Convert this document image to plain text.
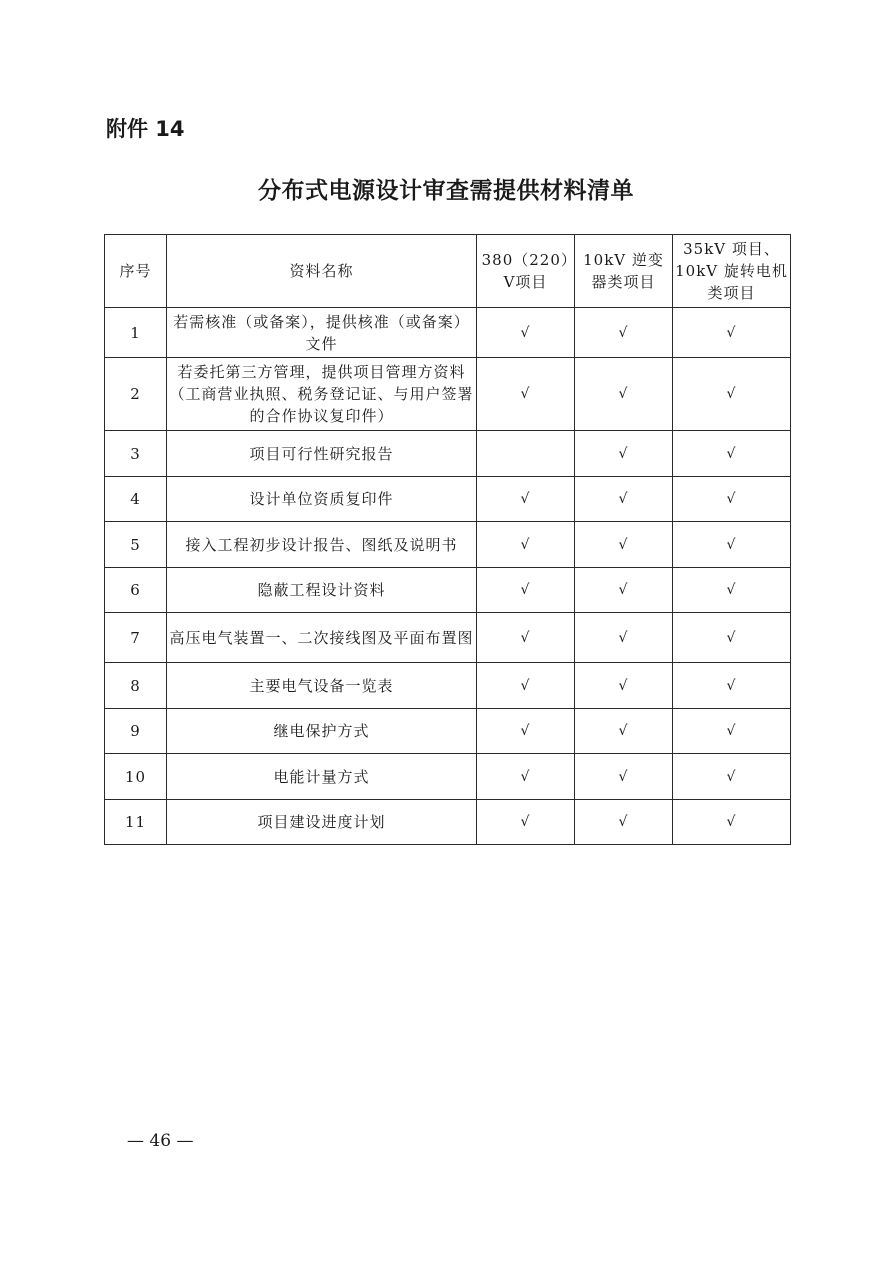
附件 14
分布式电源设计审查需提供材料清单
序号	资料名称	380（220）V项目	10kV 逆变器类项目	35kV 项目、10kV 旋转电机类项目
1	若需核准（或备案），提供核准（或备案）文件	√	√	√
2	若委托第三方管理，提供项目管理方资料（工商营业执照、税务登记证、与用户签署的合作协议复印件）	√	√	√
3	项目可行性研究报告		√	√
4	设计单位资质复印件	√	√	√
5	接入工程初步设计报告、图纸及说明书	√	√	√
6	隐蔽工程设计资料	√	√	√
7	高压电气装置一、二次接线图及平面布置图	√	√	√
8	主要电气设备一览表	√	√	√
9	继电保护方式	√	√	√
10	电能计量方式	√	√	√
11	项目建设进度计划	√	√	√
— 46 —
